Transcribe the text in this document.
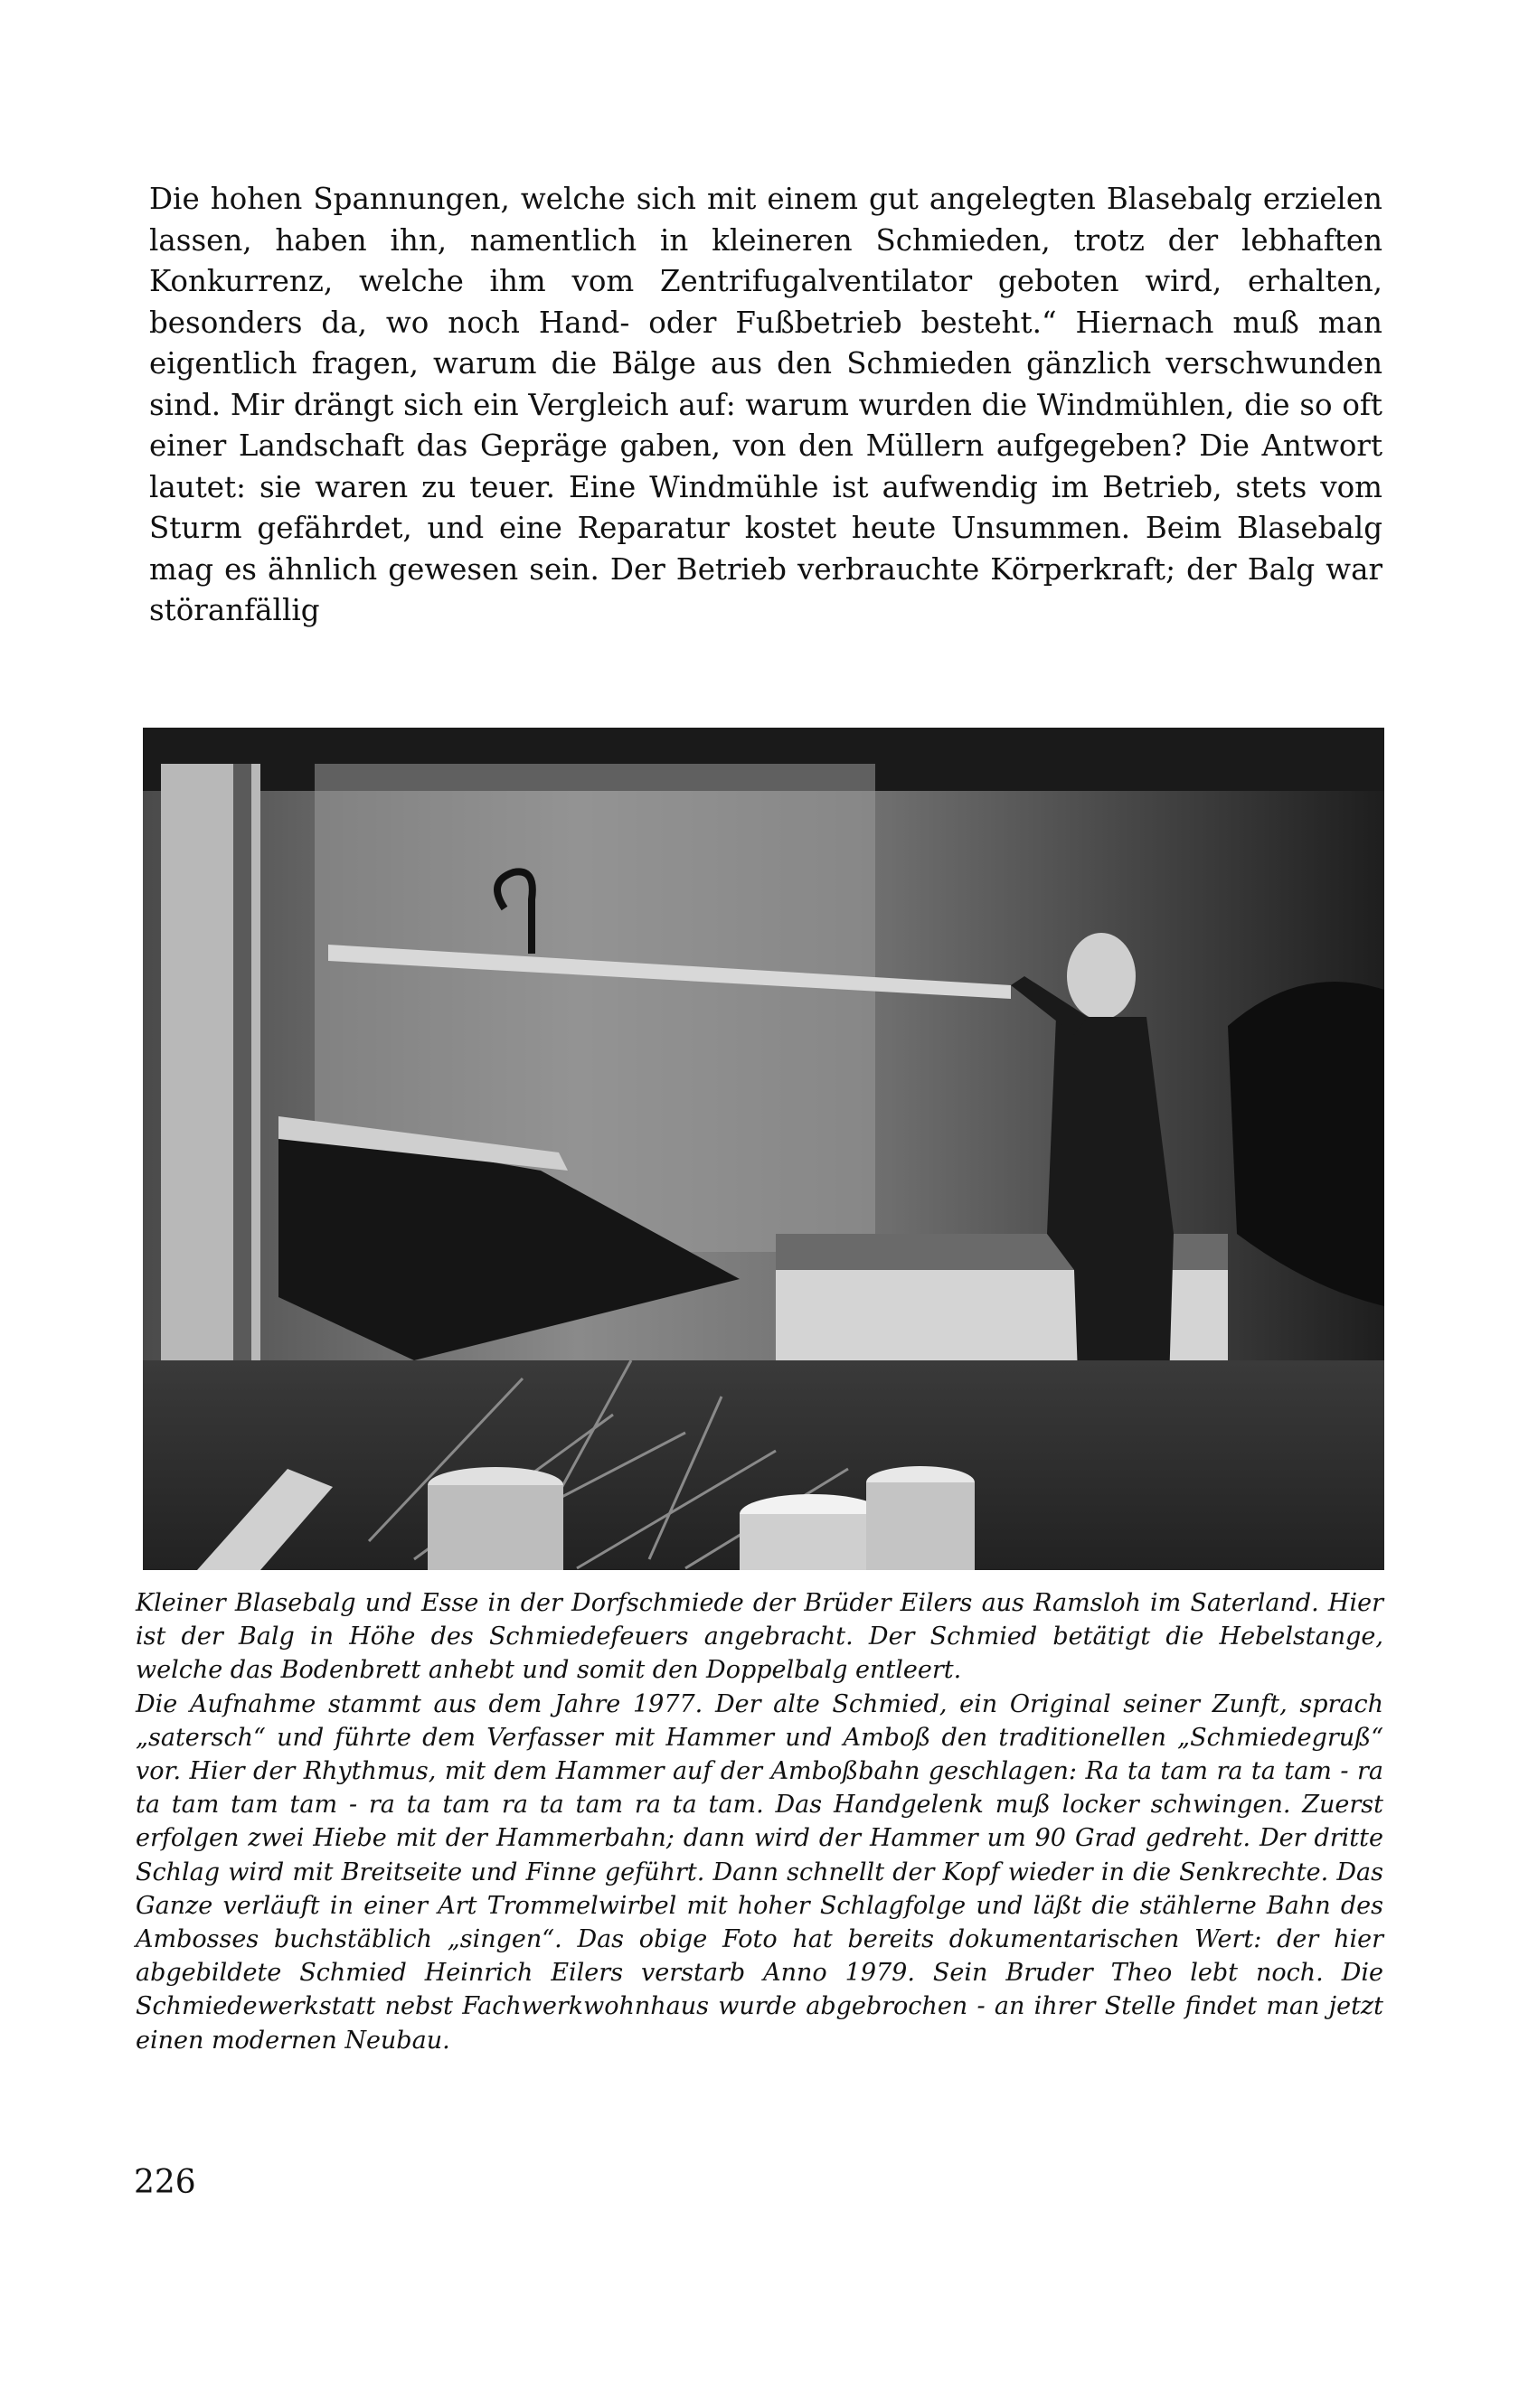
Die hohen Spannungen, welche sich mit einem gut angelegten Blasebalg erzielen lassen, haben ihn, namentlich in kleineren Schmieden, trotz der lebhaften Konkurrenz, welche ihm vom Zentrifugalventilator geboten wird, erhalten, besonders da, wo noch Hand- oder Fußbetrieb besteht.“ Hiernach muß man eigentlich fragen, warum die Bälge aus den Schmieden gänzlich verschwunden sind. Mir drängt sich ein Vergleich auf: warum wurden die Windmühlen, die so oft einer Landschaft das Gepräge gaben, von den Müllern aufgegeben? Die Antwort lautet: sie waren zu teuer. Eine Windmühle ist aufwendig im Betrieb, stets vom Sturm gefährdet, und eine Reparatur kostet heute Unsummen. Beim Blasebalg mag es ähnlich gewesen sein. Der Betrieb verbrauchte Körperkraft; der Balg war störanfällig

Kleiner Blasebalg und Esse in der Dorfschmiede der Brüder Eilers aus Ramsloh im Saterland. Hier ist der Balg in Höhe des Schmiedefeuers angebracht. Der Schmied betätigt die Hebelstange, welche das Bodenbrett anhebt und somit den Doppelbalg entleert.

Die Aufnahme stammt aus dem Jahre 1977. Der alte Schmied, ein Original seiner Zunft, sprach „satersch“ und führte dem Verfasser mit Hammer und Amboß den traditionellen „Schmiedegruß“ vor. Hier der Rhythmus, mit dem Hammer auf der Amboßbahn geschlagen: Ra ta tam ra ta tam - ra ta tam tam tam - ra ta tam ra ta tam ra ta tam. Das Handgelenk muß locker schwingen. Zuerst erfolgen zwei Hiebe mit der Hammerbahn; dann wird der Hammer um 90 Grad gedreht. Der dritte Schlag wird mit Breitseite und Finne geführt. Dann schnellt der Kopf wieder in die Senkrechte. Das Ganze verläuft in einer Art Trommelwirbel mit hoher Schlagfolge und läßt die stählerne Bahn des Ambosses buchstäblich „singen“. Das obige Foto hat bereits dokumentarischen Wert: der hier abgebildete Schmied Heinrich Eilers verstarb Anno 1979. Sein Bruder Theo lebt noch. Die Schmiedewerkstatt nebst Fachwerkwohnhaus wurde abgebrochen - an ihrer Stelle findet man jetzt einen modernen Neubau.

226
